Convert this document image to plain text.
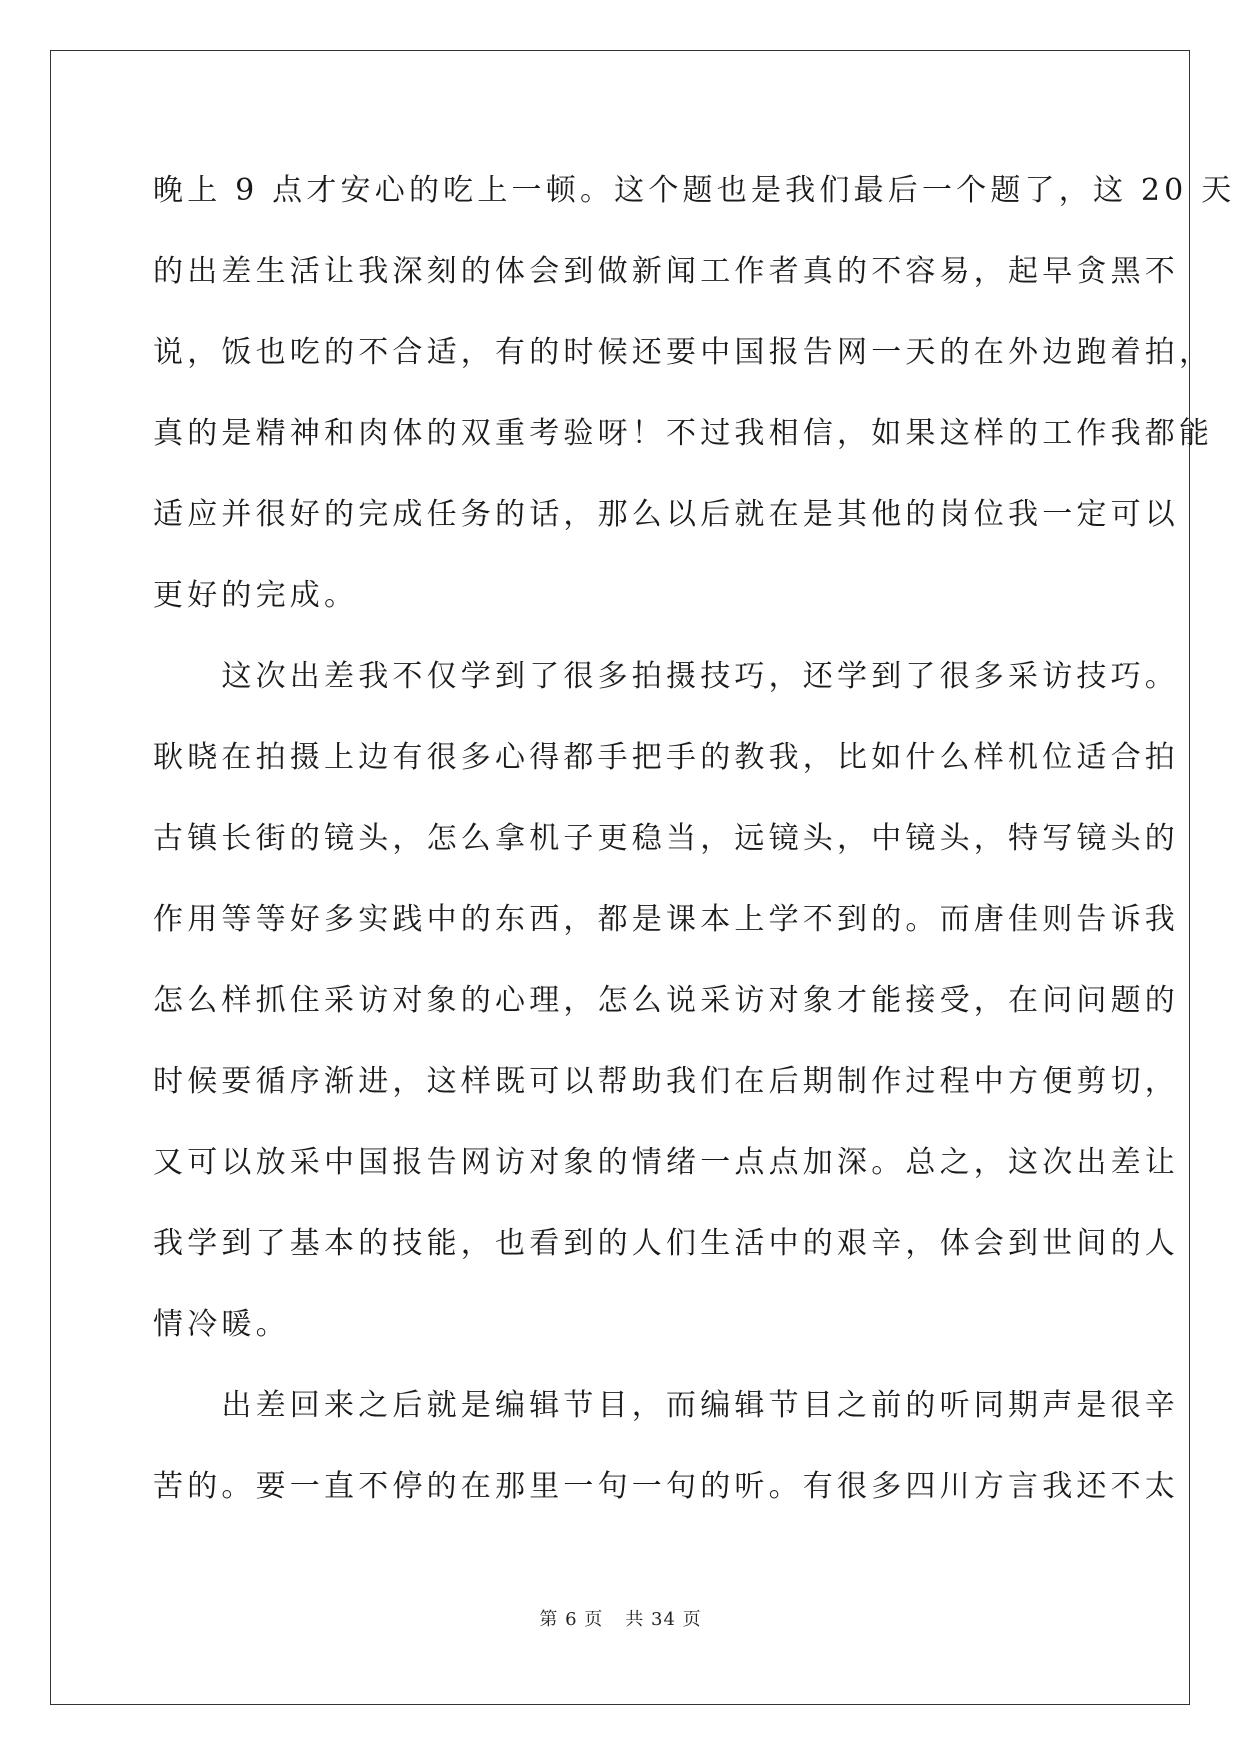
晚上 9 点才安心的吃上一顿。这个题也是我们最后一个题了，这 20 天
的出差生活让我深刻的体会到做新闻工作者真的不容易，起早贪黑不
说，饭也吃的不合适，有的时候还要中国报告网一天的在外边跑着拍，
真的是精神和肉体的双重考验呀！不过我相信，如果这样的工作我都能
适应并很好的完成任务的话，那么以后就在是其他的岗位我一定可以
更好的完成。
　　这次出差我不仅学到了很多拍摄技巧，还学到了很多采访技巧。
耿晓在拍摄上边有很多心得都手把手的教我，比如什么样机位适合拍
古镇长街的镜头，怎么拿机子更稳当，远镜头，中镜头，特写镜头的
作用等等好多实践中的东西，都是课本上学不到的。而唐佳则告诉我
怎么样抓住采访对象的心理，怎么说采访对象才能接受，在问问题的
时候要循序渐进，这样既可以帮助我们在后期制作过程中方便剪切，
又可以放采中国报告网访对象的情绪一点点加深。总之，这次出差让
我学到了基本的技能，也看到的人们生活中的艰辛，体会到世间的人
情冷暖。
　　出差回来之后就是编辑节目，而编辑节目之前的听同期声是很辛
苦的。要一直不停的在那里一句一句的听。有很多四川方言我还不太
第 6 页 共 34 页
